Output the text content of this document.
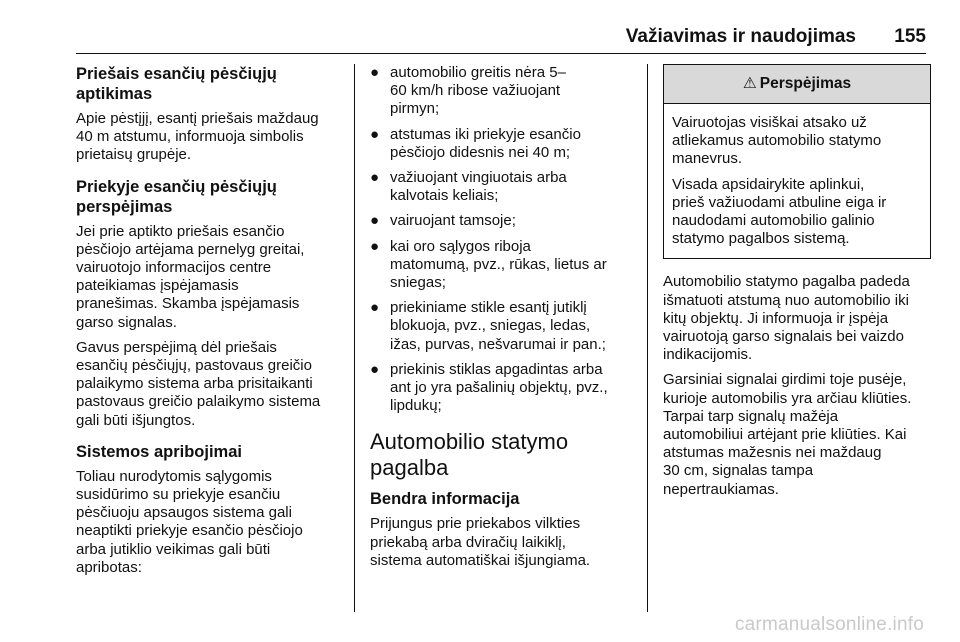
Važiavimas ir naudojimas 155
Priešais esančių pėsčiųjų
aptikimas

Apie pėstįjį, esantį priešais maždaug
40 m atstumu, informuoja simbolis
prietaisų grupėje.

Priekyje esančių pėsčiųjų
perspėjimas

Jei prie aptikto priešais esančio
pėsčiojo artėjama pernelyg greitai,
vairuotojo informacijos centre
pateikiamas įspėjamasis
pranešimas. Skamba įspėjamasis
garso signalas.

Gavus perspėjimą dėl priešais
esančių pėsčiųjų, pastovaus greičio
palaikymo sistema arba prisitaikanti
pastovaus greičio palaikymo sistema
gali būti išjungtos.

Sistemos apribojimai

Toliau nurodytomis sąlygomis
susidūrimo su priekyje esančiu
pėsčiuoju apsaugos sistema gali
neaptikti priekyje esančio pėsčiojo
arba jutiklio veikimas gali būti
apribotas:

● automobilio greitis nėra 5–
60 km/h ribose važiuojant
pirmyn;
● atstumas iki priekyje esančio
pėsčiojo didesnis nei 40 m;
● važiuojant vingiuotais arba
kalvotais keliais;
● vairuojant tamsoje;
● kai oro sąlygos riboja
matomumą, pvz., rūkas, lietus ar
sniegas;
● priekiniame stikle esantį jutiklį
blokuoja, pvz., sniegas, ledas,
ižas, purvas, nešvarumai ir pan.;
● priekinis stiklas apgadintas arba
ant jo yra pašalinių objektų, pvz.,
lipdukų;
Automobilio statymo
pagalba
Bendra informacija

Prijungus prie priekabos vilkties
priekabą arba dviračių laikiklį,
sistema automatiškai išjungiama.

⚠ Perspėjimas

Vairuotojas visiškai atsako už
atliekamus automobilio statymo
manevrus.

Visada apsidairykite aplinkui,
prieš važiuodami atbuline eiga ir
naudodami automobilio galinio
statymo pagalbos sistemą.

Automobilio statymo pagalba padeda
išmatuoti atstumą nuo automobilio iki
kitų objektų. Ji informuoja ir įspėja
vairuotoją garso signalais bei vaizdo
indikacijomis.

Garsiniai signalai girdimi toje pusėje,
kurioje automobilis yra arčiau kliūties.
Tarpai tarp signalų mažėja
automobiliui artėjant prie kliūties. Kai
atstumas mažesnis nei maždaug
30 cm, signalas tampa
nepertraukiamas.

carmanualsonline.info
